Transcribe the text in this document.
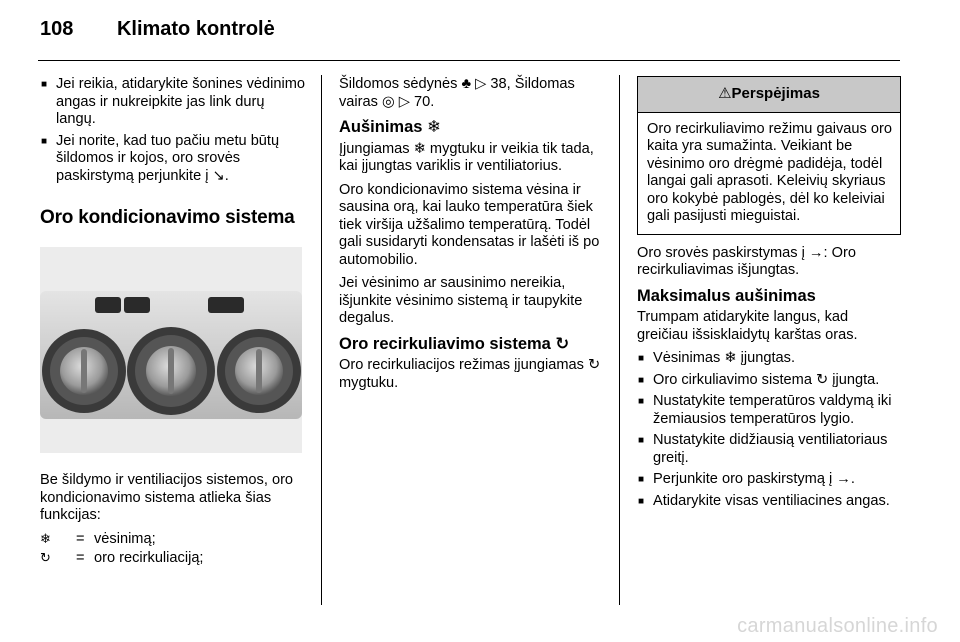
108 Klimato kontrolė
■ Jei reikia, atidarykite šonines vėdinimo angas ir nukreipkite jas link durų langų.
■ Jei norite, kad tuo pačiu metu būtų šildomos ir kojos, oro srovės paskirstymą perjunkite į ↘.
Oro kondicionavimo sistema

Be šildymo ir ventiliacijos sistemos, oro kondicionavimo sistema atlieka šias funkcijas:

❄	= vėsinimą;
↻	= oro recirkuliaciją;

Šildomos sėdynės ♣ ▷ 38, Šildomas vairas ◎ ▷ 70.

Aušinimas ❄

Įjungiamas ❄ mygtuku ir veikia tik tada, kai įjungtas variklis ir ventiliatorius.

Oro kondicionavimo sistema vėsina ir sausina orą, kai lauko temperatūra šiek tiek viršija užšalimo temperatūrą. Todėl gali susidaryti kondensatas ir lašėti iš po automobilio.

Jei vėsinimo ar sausinimo nereikia, išjunkite vėsinimo sistemą ir taupykite degalus.

Oro recirkuliavimo sistema ↻

Oro recirkuliacijos režimas įjungiamas ↻ mygtuku.

⚠Perspėjimas
Oro recirkuliavimo režimu gaivaus oro kaita yra sumažinta. Veikiant be vėsinimo oro drėgmė padidėja, todėl langai gali aprasoti. Keleivių skyriaus oro kokybė pablogės, dėl ko keleiviai gali pasijusti mieguistai.

Oro srovės paskirstymas į →: Oro recirkuliavimas išjungtas.

Maksimalus aušinimas

Trumpam atidarykite langus, kad greičiau išsisklaidytų karštas oras.

■ Vėsinimas ❄ įjungtas.
■ Oro cirkuliavimo sistema ↻ įjungta.
■ Nustatykite temperatūros valdymą iki žemiausios temperatūros lygio.
■ Nustatykite didžiausią ventiliatoriaus greitį.
■ Perjunkite oro paskirstymą į →.
■ Atidarykite visas ventiliacines angas.
carmanualsonline.info
